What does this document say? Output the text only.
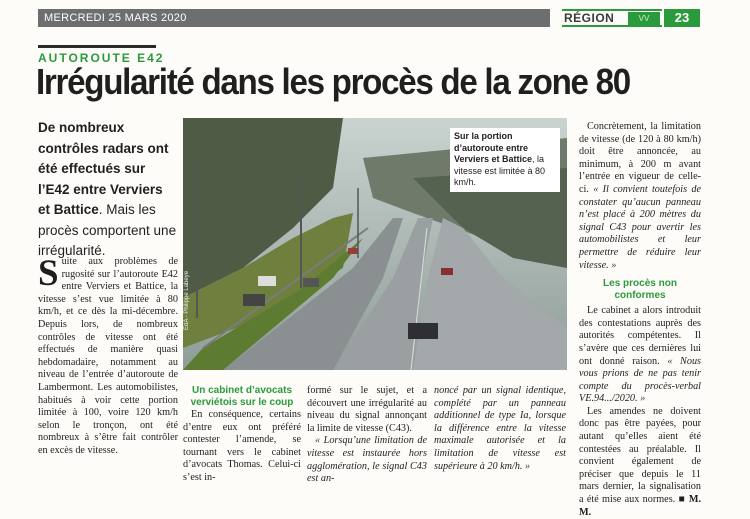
MERCREDI 25 MARS 2020	RÉGION	VV	23
AUTOROUTE E42
Irrégularité dans les procès de la zone 80
De nombreux contrôles radars ont été effectués sur l’E42 entre Verviers et Battice. Mais les procès comportent une irrégularité.
ÉdA - Philippe Labeye
Sur la portion d’autoroute entre Verviers et Battice, la vitesse est limitée à 80 km/h.

Suite aux problèmes de rugosité sur l’autoroute E42 entre Verviers et Battice, la vitesse s’est vue limitée à 80 km/h, et ce dès la mi-décembre. Depuis lors, de nombreux contrôles de vitesse ont été effectués de manière quasi hebdomadaire, notamment au niveau de l’entrée d’autoroute de Lambermont. Les automobilistes, habitués à voir cette portion limitée à 100, voire 120 km/h selon le tronçon, ont été nombreux à s’être fait contrôler en excès de vitesse.

Un cabinet d’avocats verviétois sur le coup

En conséquence, certains d’entre eux ont préféré contester l’amende, se tournant vers le cabinet d’avocats Thomas. Celui-ci s’est in-

formé sur le sujet, et a découvert une irrégularité au niveau du signal annonçant la limite de vitesse (C43).

« Lorsqu’une limitation de vitesse est instaurée hors agglomération, le signal C43 est an-

noncé par un signal identique, complété par un panneau additionnel de type Ia, lorsque la différence entre la vitesse maximale autorisée et la limitation de vitesse est supérieure à 20 km/h. »

Concrètement, la limitation de vitesse (de 120 à 80 km/h) doit être annoncée, au minimum, à 200 m avant l’entrée en vigueur de celle-ci. « Il convient toutefois de constater qu’aucun panneau n’est placé à 200 mètres du signal C43 pour avertir les automobilistes et leur permettre de réduire leur vitesse. »

Les procès non conformes

Le cabinet a alors introduit des contestations auprès des autorités compétentes. Il s’avère que ces dernières lui ont donné raison. « Nous vous prions de ne pas tenir compte du procès-verbal VE.94.../2020. »

Les amendes ne doivent donc pas être payées, pour autant qu’elles aient été contestées au préalable. Il convient également de préciser que depuis le 11 mars dernier, la signalisation a été mise aux normes. ■ M. M.
